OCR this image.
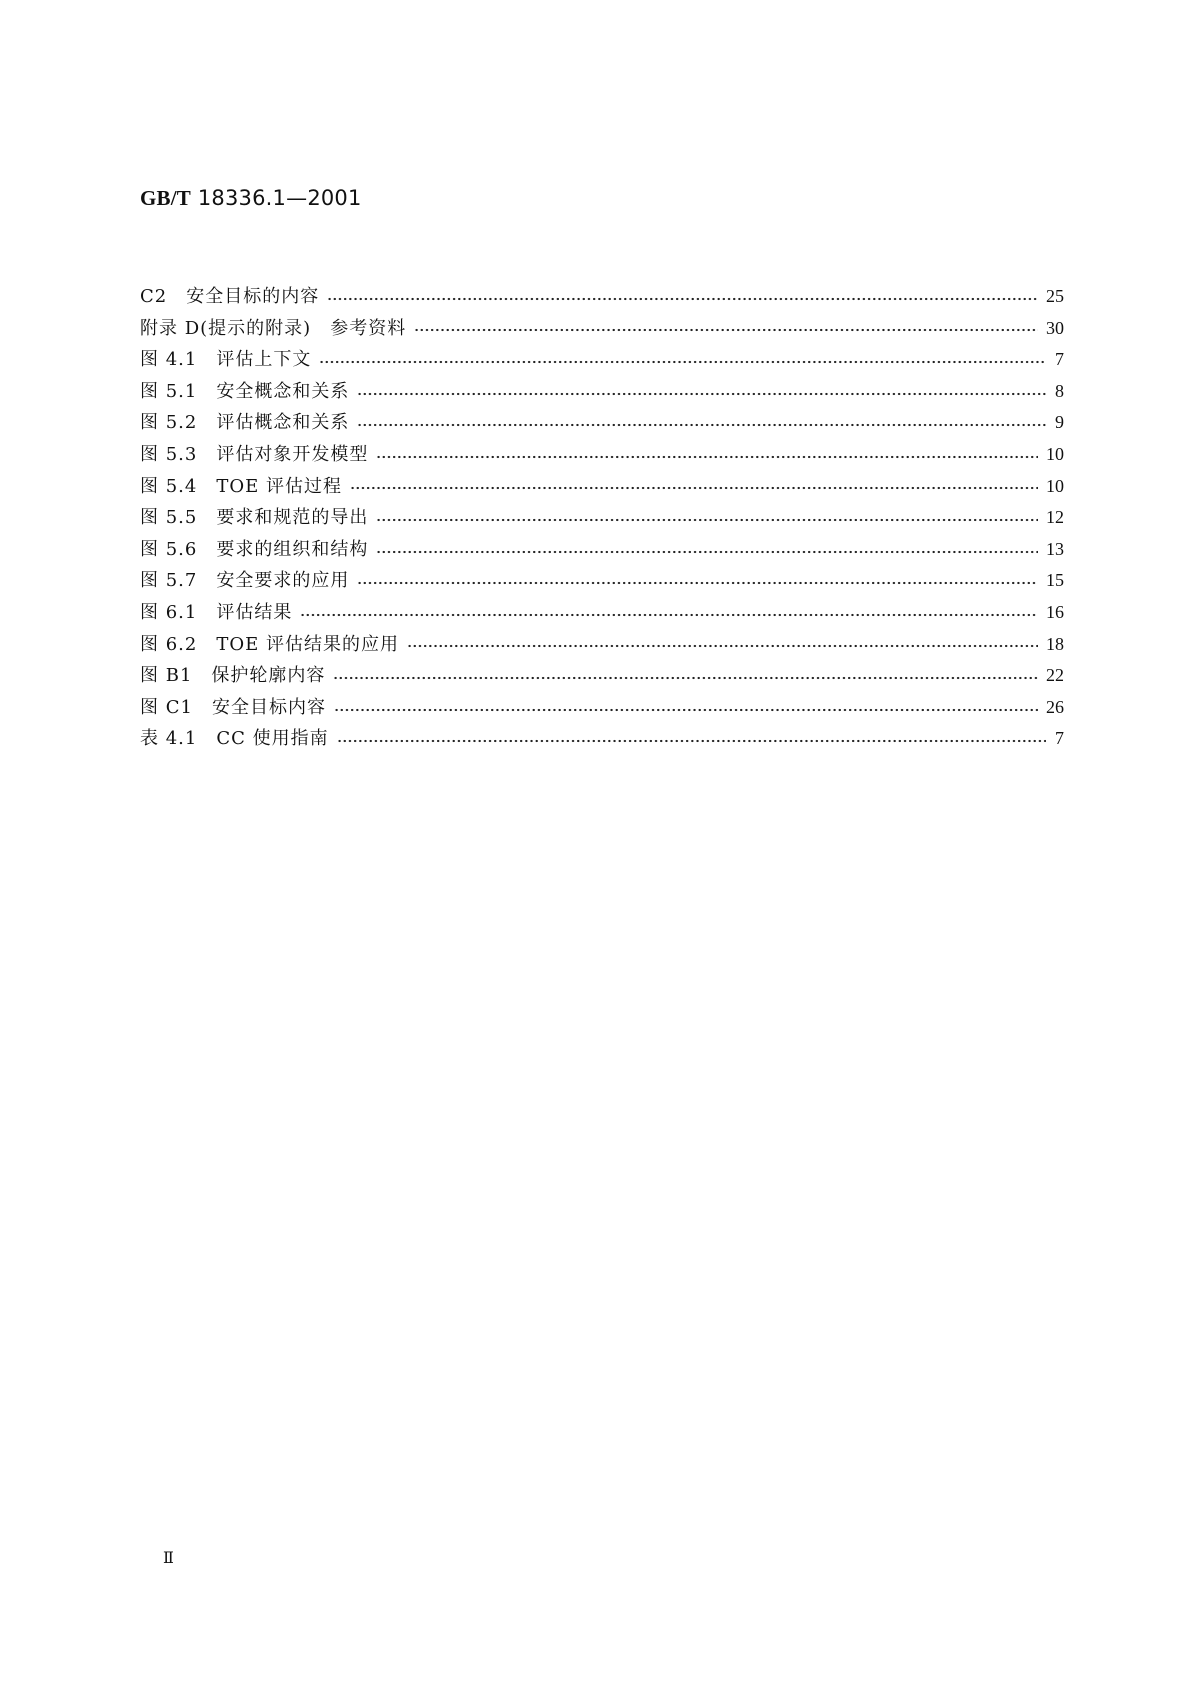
GB/T 18336.1—2001
C2　安全目标的内容	25
附录 D(提示的附录)　参考资料	30
图 4.1　评估上下文	7
图 5.1　安全概念和关系	8
图 5.2　评估概念和关系	9
图 5.3　评估对象开发模型	10
图 5.4　TOE 评估过程	10
图 5.5　要求和规范的导出	12
图 5.6　要求的组织和结构	13
图 5.7　安全要求的应用	15
图 6.1　评估结果	16
图 6.2　TOE 评估结果的应用	18
图 B1　保护轮廓内容	22
图 C1　安全目标内容	26
表 4.1　CC 使用指南	7
Ⅱ
